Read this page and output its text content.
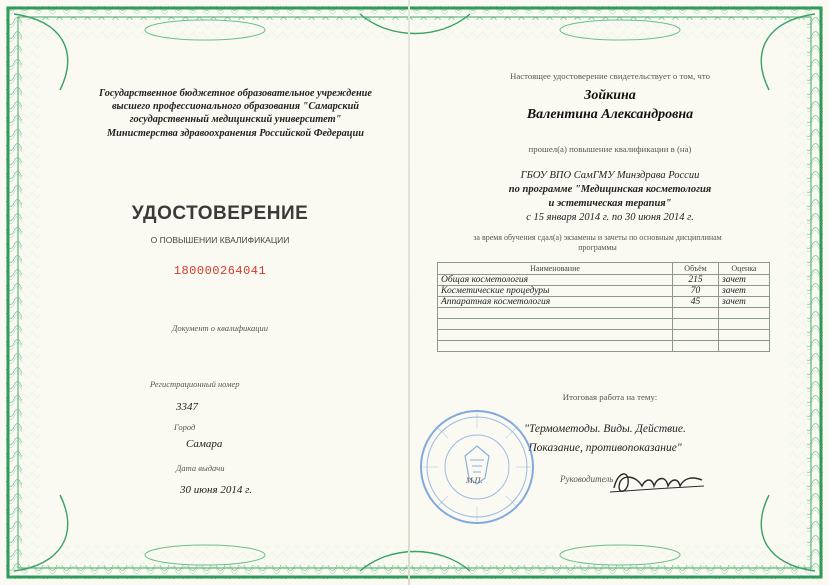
Государственное бюджетное образовательное учреждение
высшего профессионального образования "Самарский
государственный медицинский университет"
Министерства здравоохранения Российской Федерации
УДОСТОВЕРЕНИЕ
О ПОВЫШЕНИИ КВАЛИФИКАЦИИ
180000264041
Документ о квалификации
Регистрационный номер
3347
Город
Самара
Дата выдачи
30 июня 2014 г.
Настоящее удостоверение свидетельствует о том, что
Зойкина
Валентина Александровна
прошел(а) повышение квалификации в (на)
ГБОУ ВПО СамГМУ Минздрава России
по программе "Медицинская косметология
и эстетическая терапия"
с 15 января 2014 г. по 30 июня 2014 г.
за время обучения сдал(а) экзамены и зачеты по основным дисциплинам
программы
Наименование	Объём	Оценка
Общая косметология	215	зачет
Косметические процедуры	70	зачет
Аппаратная косметология	45	зачет

Итоговая работа на тему:
"Термометоды. Виды. Действие.
Показание, противопоказание"
М.П.	Руководитель
